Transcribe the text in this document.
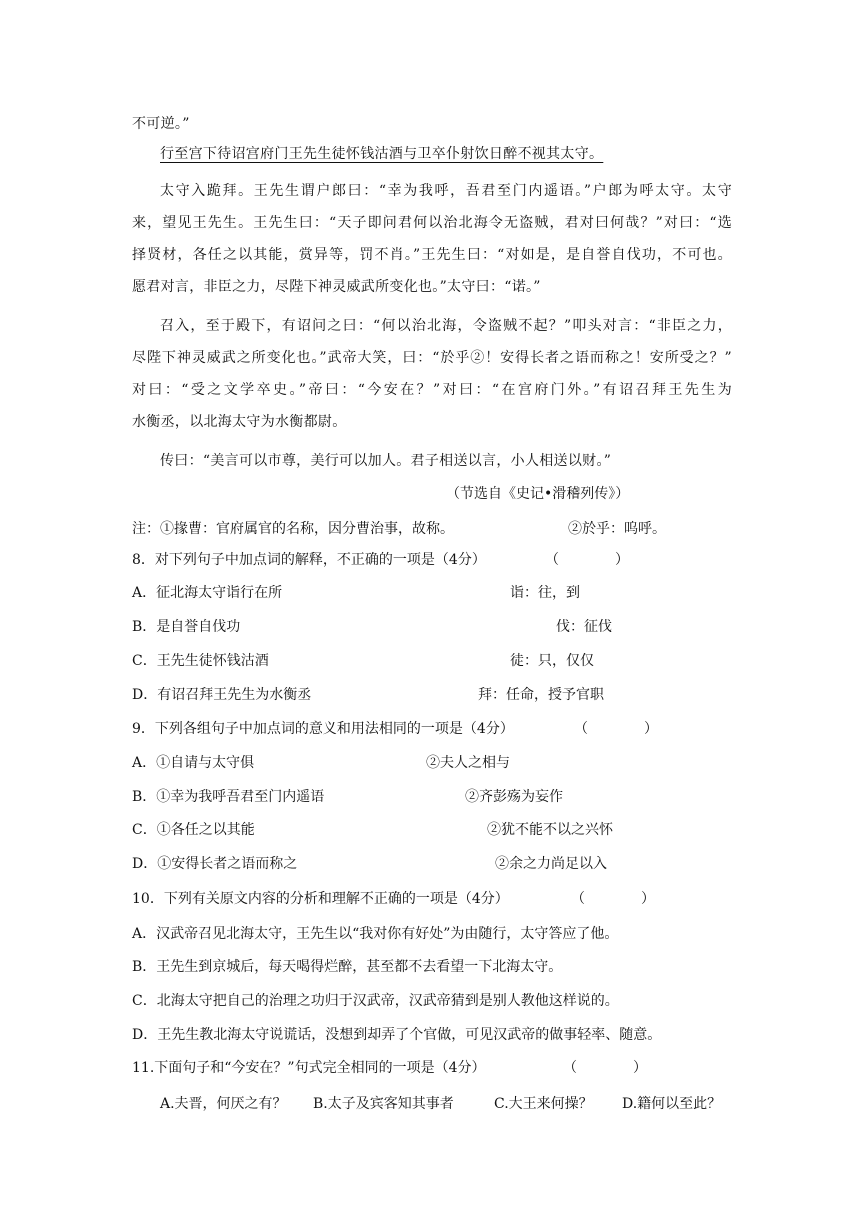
不可逆。”
行至宫下待诏宫府门王先生徒怀钱沽酒与卫卒仆射饮日醉不视其太守。
太守入跪拜。王先生谓户郎曰：“幸为我呼，吾君至门内遥语。”户郎为呼太守。太守
来，望见王先生。王先生曰：“天子即问君何以治北海令无盗贼，君对曰何哉？”对曰：“选
择贤材，各任之以其能，赏异等，罚不肖。”王先生曰：“对如是，是自誉自伐功，不可也。
愿君对言，非臣之力，尽陛下神灵威武所变化也。”太守曰：“诺。”
召入，至于殿下，有诏问之曰：“何以治北海，令盗贼不起？”叩头对言：“非臣之力，
尽陛下神灵威武之所变化也。”武帝大笑，曰：“於乎②！安得长者之语而称之！安所受之？”
对曰：“受之文学卒史。”帝曰：“今安在？”对曰：“在宫府门外。”有诏召拜王先生为
水衡丞，以北海太守为水衡都尉。
传曰：“美言可以市尊，美行可以加人。君子相送以言，小人相送以财。”
（节选自《史记•滑稽列传》）
注：①掾曹：官府属官的名称，因分曹治事，故称。	②於乎：呜呼。
8．对下列句子中加点词的解释，不正确的一项是（4分）	（　　　　）
A．征北海太守诣行在所	诣：往，到
B．是自誉自伐功	伐：征伐
C．王先生徒怀钱沽酒	徒：只，仅仅
D．有诏召拜王先生为水衡丞	拜：任命，授予官职
9．下列各组句子中加点词的意义和用法相同的一项是（4分）	（　　　　）
A．①自请与太守俱	②夫人之相与
B．①幸为我呼吾君至门内遥语	②齐彭殇为妄作
C．①各任之以其能	②犹不能不以之兴怀
D．①安得长者之语而称之	②余之力尚足以入
10．下列有关原文内容的分析和理解不正确的一项是（4分）	（　　　　）
A．汉武帝召见北海太守，王先生以“我对你有好处”为由随行，太守答应了他。
B．王先生到京城后，每天喝得烂醉，甚至都不去看望一下北海太守。
C．北海太守把自己的治理之功归于汉武帝，汉武帝猜到是别人教他这样说的。
D．王先生教北海太守说谎话，没想到却弄了个官做，可见汉武帝的做事轻率、随意。
11.下面句子和“今安在？”句式完全相同的一项是（4分）	（　　　　）
A.夫晋，何厌之有？ B.太子及宾客知其事者	C.大王来何操？ D.籍何以至此？
